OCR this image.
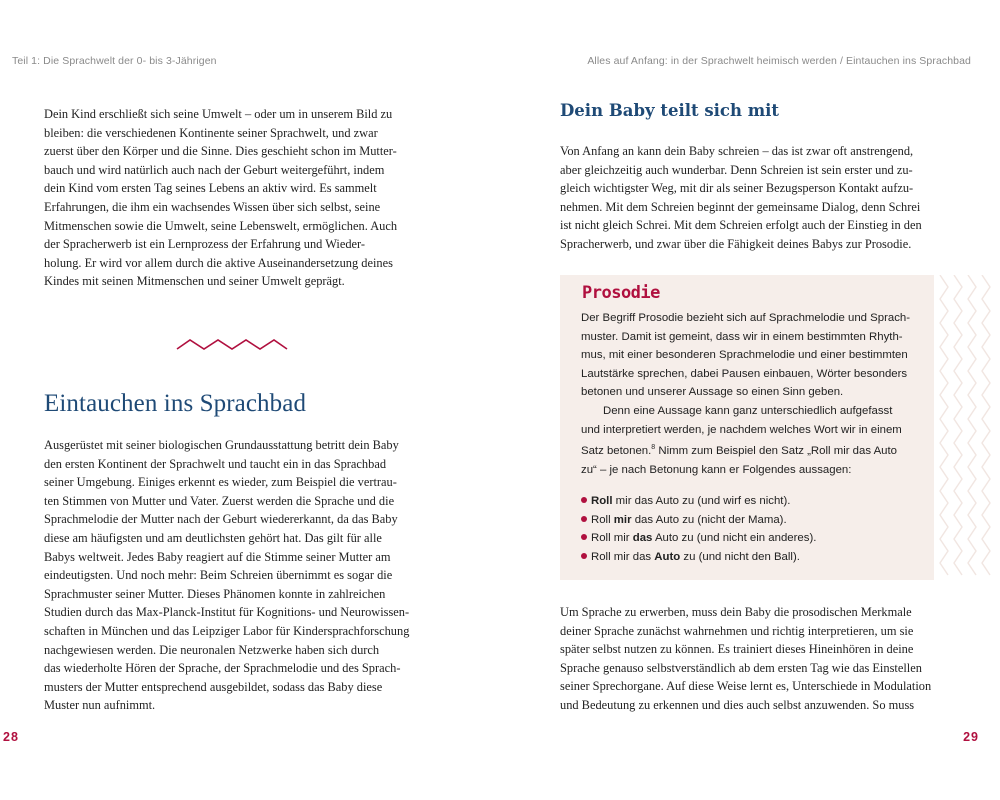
Teil 1: Die Sprachwelt der 0- bis 3-Jährigen	Alles auf Anfang: in der Sprachwelt heimisch werden / Eintauchen ins Sprachbad

Dein Kind erschließt sich seine Umwelt – oder um in unserem Bild zu
bleiben: die verschiedenen Kontinente seiner Sprachwelt, und zwar
zuerst über den Körper und die Sinne. Dies geschieht schon im Mutter-
bauch und wird natürlich auch nach der Geburt weitergeführt, indem
dein Kind vom ersten Tag seines Lebens an aktiv wird. Es sammelt
Erfahrungen, die ihm ein wachsendes Wissen über sich selbst, seine
Mitmenschen sowie die Umwelt, seine Lebenswelt, ermöglichen. Auch
der Spracherwerb ist ein Lernprozess der Erfahrung und Wieder-
holung. Er wird vor allem durch die aktive Auseinandersetzung deines
Kindes mit seinen Mitmenschen und seiner Umwelt geprägt.

Eintauchen ins Sprachbad

Ausgerüstet mit seiner biologischen Grundausstattung betritt dein Baby
den ersten Kontinent der Sprachwelt und taucht ein in das Sprachbad
seiner Umgebung. Einiges erkennt es wieder, zum Beispiel die vertrau-
ten Stimmen von Mutter und Vater. Zuerst werden die Sprache und die
Sprachmelodie der Mutter nach der Geburt wiedererkannt, da das Baby
diese am häufigsten und am deutlichsten gehört hat. Das gilt für alle
Babys weltweit. Jedes Baby reagiert auf die Stimme seiner Mutter am
eindeutigsten. Und noch mehr: Beim Schreien übernimmt es sogar die
Sprachmuster seiner Mutter. Dieses Phänomen konnte in zahlreichen
Studien durch das Max-Planck-Institut für Kognitions- und Neurowissen-
schaften in München und das Leipziger Labor für Kindersprachforschung
nachgewiesen werden. Die neuronalen Netzwerke haben sich durch
das wiederholte Hören der Sprache, der Sprachmelodie und des Sprach-
musters der Mutter entsprechend ausgebildet, sodass das Baby diese
Muster nun aufnimmt.

28
Dein Baby teilt sich mit

Von Anfang an kann dein Baby schreien – das ist zwar oft anstrengend,
aber gleichzeitig auch wunderbar. Denn Schreien ist sein erster und zu-
gleich wichtigster Weg, mit dir als seiner Bezugsperson Kontakt aufzu-
nehmen. Mit dem Schreien beginnt der gemeinsame Dialog, denn Schrei
ist nicht gleich Schrei. Mit dem Schreien erfolgt auch der Einstieg in den
Spracherwerb, und zwar über die Fähigkeit deines Babys zur Prosodie.

Prosodie
Der Begriff Prosodie bezieht sich auf Sprachmelodie und Sprach-
muster. Damit ist gemeint, dass wir in einem bestimmten Rhyth-
mus, mit einer besonderen Sprachmelodie und einer bestimmten
Lautstärke sprechen, dabei Pausen einbauen, Wörter besonders
betonen und unserer Aussage so einen Sinn geben.
Denn eine Aussage kann ganz unterschiedlich aufgefasst
und interpretiert werden, je nachdem welches Wort wir in einem
Satz betonen.$^8$ Nimm zum Beispiel den Satz „Roll mir das Auto
zu“ – je nach Betonung kann er Folgendes aussagen:
Roll mir das Auto zu (und wirf es nicht).
Roll mir das Auto zu (nicht der Mama).
Roll mir das Auto zu (und nicht ein anderes).
Roll mir das Auto zu (und nicht den Ball).

Um Sprache zu erwerben, muss dein Baby die prosodischen Merkmale
deiner Sprache zunächst wahrnehmen und richtig interpretieren, um sie
später selbst nutzen zu können. Es trainiert dieses Hineinhören in deine
Sprache genauso selbstverständlich ab dem ersten Tag wie das Einstellen
seiner Sprechorgane. Auf diese Weise lernt es, Unterschiede in Modulation
und Bedeutung zu erkennen und dies auch selbst anzuwenden. So muss

29
